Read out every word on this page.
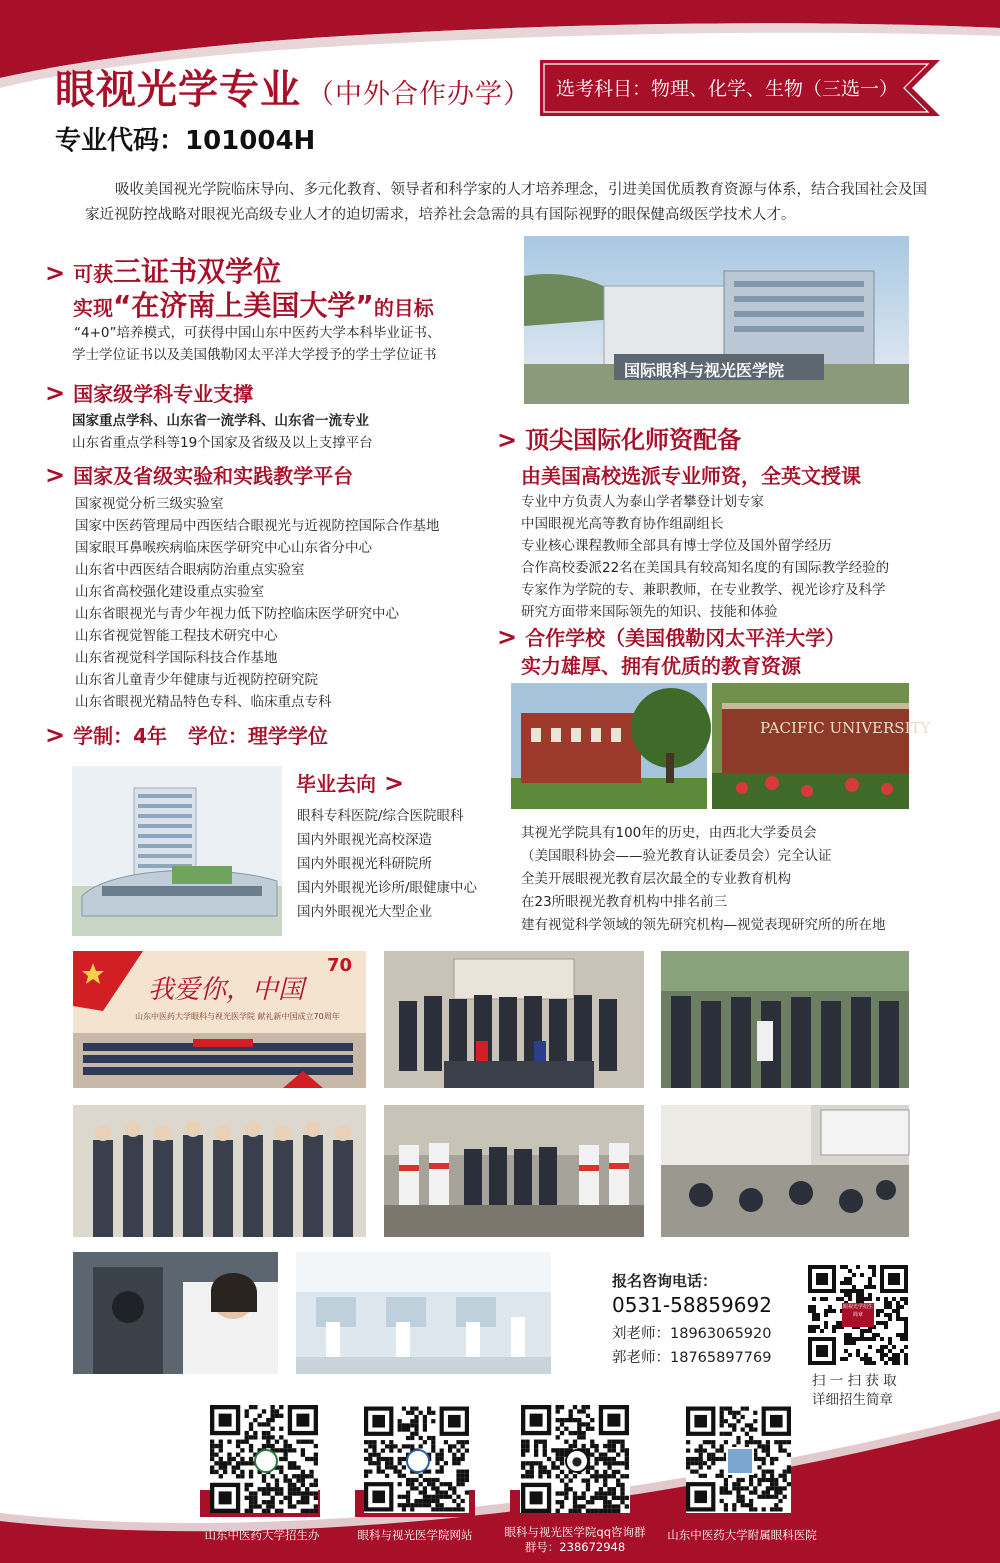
眼视光学专业 （中外合作办学）
专业代码：101004H
选考科目：物理、化学、生物（三选一）
吸收美国视光学院临床导向、多元化教育、领导者和科学家的人才培养理念，引进美国优质教育资源与体系，结合我国社会及国家近视防控战略对眼视光高级专业人才的迫切需求，培养社会急需的具有国际视野的眼保健高级医学技术人才。
> 可获三证书双学位
实现“在济南上美国大学”的目标
“4+0”培养模式，可获得中国山东中医药大学本科毕业证书、
学士学位证书以及美国俄勒冈太平洋大学授予的学士学位证书
> 国家级学科专业支撑
国家重点学科、山东省一流学科、山东省一流专业
山东省重点学科等19个国家及省级及以上支撑平台
> 国家及省级实验和实践教学平台
国家视觉分析三级实验室
国家中医药管理局中西医结合眼视光与近视防控国际合作基地
国家眼耳鼻喉疾病临床医学研究中心山东省分中心
山东省中西医结合眼病防治重点实验室
山东省高校强化建设重点实验室
山东省眼视光与青少年视力低下防控临床医学研究中心
山东省视觉智能工程技术研究中心
山东省视觉科学国际科技合作基地
山东省儿童青少年健康与近视防控研究院
山东省眼视光精品特色专科、临床重点专科
> 学制：4年   学位：理学学位
毕业去向 >
眼科专科医院/综合医院眼科
国内外眼视光高校深造
国内外眼视光科研院所
国内外眼视光诊所/眼健康中心
国内外眼视光大型企业
国际眼科与视光医学院
> 顶尖国际化师资配备
由美国高校选派专业师资，全英文授课
专业中方负责人为泰山学者攀登计划专家
中国眼视光高等教育协作组副组长
专业核心课程教师全部具有博士学位及国外留学经历
合作高校委派22名在美国具有较高知名度的有国际教学经验的
专家作为学院的专、兼职教师，在专业教学、视光诊疗及科学
研究方面带来国际领先的知识、技能和体验
> 合作学校（美国俄勒冈太平洋大学）
实力雄厚、拥有优质的教育资源
PACIFIC UNIVERSITY
其视光学院具有100年的历史，由西北大学委员会
（美国眼科协会——验光教育认证委员会）完全认证
全美开展眼视光教育层次最全的专业教育机构
在23所眼视光教育机构中排名前三
建有视觉科学领域的领先研究机构—视觉表现研究所的所在地
我爱你，中国
山东中医药大学眼科与视光医学院 献礼新中国成立70周年
70
报名咨询电话：
0531-58859692
刘老师：18963065920
郭老师：18765897769
眼视光学招生简章
扫 一 扫 获 取
详细招生简章
●
山东中医药大学招生办	眼科与视光医学院网站	眼科与视光医学院qq咨询群
群号：238672948
山东中医药大学附属眼科医院
